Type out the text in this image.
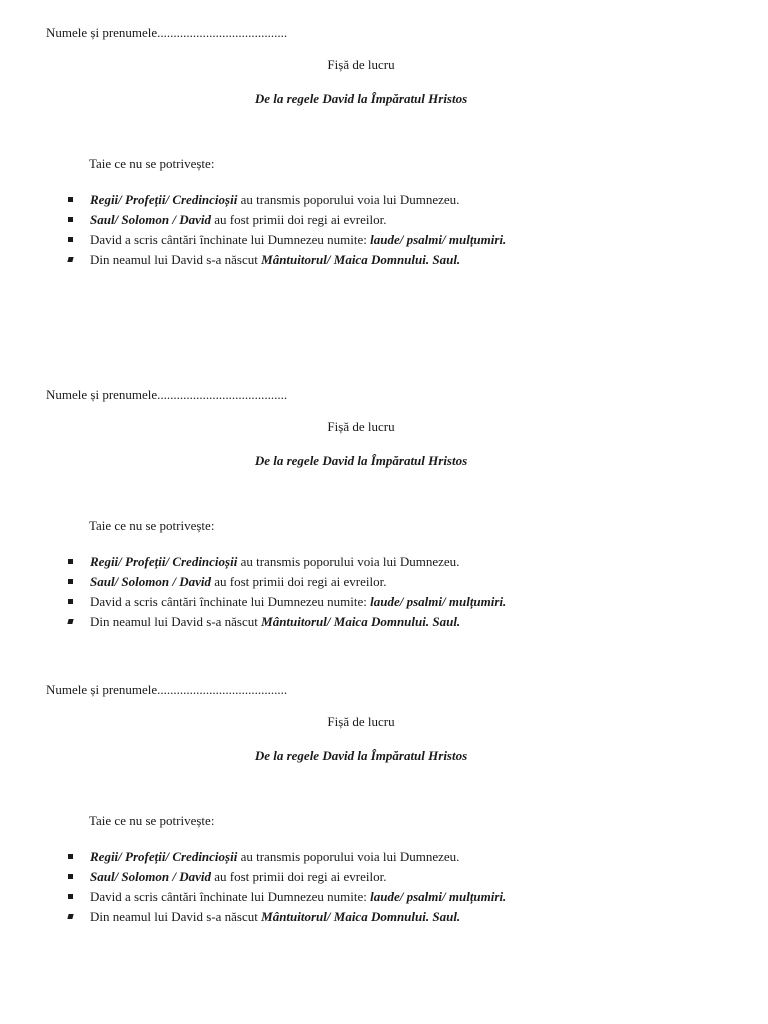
Numele și prenumele........................................
Fișă de lucru
De la regele David la Împăratul Hristos
Taie ce nu se potrivește:
Regii/ Profeții/ Credincioșii au transmis poporului voia lui Dumnezeu.
Saul/ Solomon / David au fost primii doi regi ai evreilor.
David a scris cântări închinate lui Dumnezeu numite: laude/ psalmi/ mulțumiri.
Din neamul lui David s-a născut Mântuitorul/ Maica Domnului. Saul.
Numele și prenumele........................................
Fișă de lucru
De la regele David la Împăratul Hristos
Taie ce nu se potrivește:
Regii/ Profeții/ Credincioșii au transmis poporului voia lui Dumnezeu.
Saul/ Solomon / David au fost primii doi regi ai evreilor.
David a scris cântări închinate lui Dumnezeu numite: laude/ psalmi/ mulțumiri.
Din neamul lui David s-a născut Mântuitorul/ Maica Domnului. Saul.
Numele și prenumele........................................
Fișă de lucru
De la regele David la Împăratul Hristos
Taie ce nu se potrivește:
Regii/ Profeții/ Credincioșii au transmis poporului voia lui Dumnezeu.
Saul/ Solomon / David au fost primii doi regi ai evreilor.
David a scris cântări închinate lui Dumnezeu numite: laude/ psalmi/ mulțumiri.
Din neamul lui David s-a născut Mântuitorul/ Maica Domnului. Saul.
